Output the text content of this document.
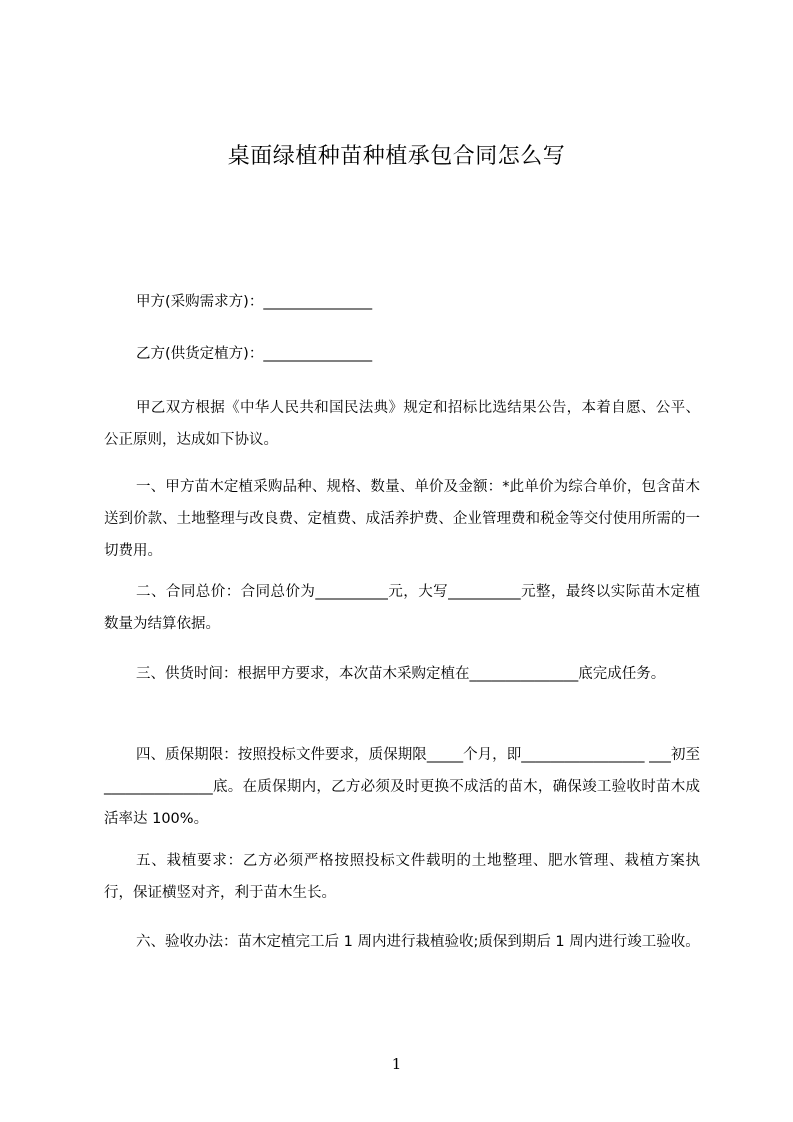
桌面绿植种苗种植承包合同怎么写

甲方(采购需求方)：_______________

乙方(供货定植方)：_______________

甲乙双方根据《中华人民共和国民法典》规定和招标比选结果公告，本着自愿、公平、公正原则，达成如下协议。

一、甲方苗木定植采购品种、规格、数量、单价及金额：*此单价为综合单价，包含苗木送到价款、土地整理与改良费、定植费、成活养护费、企业管理费和税金等交付使用所需的一切费用。

二、合同总价：合同总价为__________元，大写__________元整，最终以实际苗木定植数量为结算依据。

三、供货时间：根据甲方要求，本次苗木采购定植在_______________底完成任务。

四、质保期限：按照投标文件要求，质保期限_____个月，即_________________ ___初至_______________底。在质保期内，乙方必须及时更换不成活的苗木，确保竣工验收时苗木成活率达 100%。

五、栽植要求：乙方必须严格按照投标文件载明的土地整理、肥水管理、栽植方案执行，保证横竖对齐，利于苗木生长。

六、验收办法：苗木定植完工后 1 周内进行栽植验收;质保到期后 1 周内进行竣工验收。

1
